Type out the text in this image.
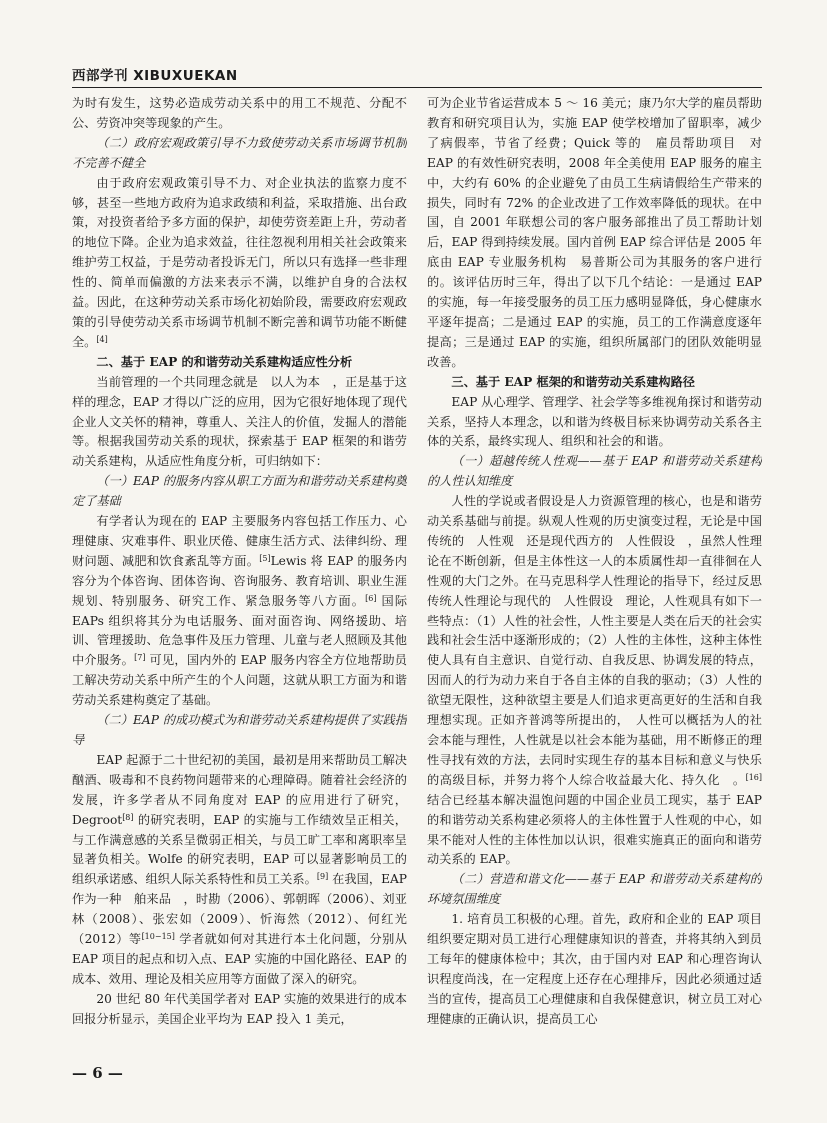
西部学刊 XIBUXUEKAN

为时有发生，这势必造成劳动关系中的用工不规范、分配不公、劳资冲突等现象的产生。

（二）政府宏观政策引导不力致使劳动关系市场调节机制不完善不健全

由于政府宏观政策引导不力、对企业执法的监察力度不够，甚至一些地方政府为追求政绩和利益，采取措施、出台政策，对投资者给予多方面的保护，却使劳资差距上升，劳动者的地位下降。企业为追求效益，往往忽视利用相关社会政策来维护劳工权益，于是劳动者投诉无门，所以只有选择一些非理性的、简单而偏激的方法来表示不满，以维护自身的合法权益。因此，在这种劳动关系市场化初始阶段，需要政府宏观政策的引导使劳动关系市场调节机制不断完善和调节功能不断健全。[4]

二、基于 EAP 的和谐劳动关系建构适应性分析

当前管理的一个共同理念就是　以人为本　，正是基于这样的理念，EAP 才得以广泛的应用，因为它很好地体现了现代企业人文关怀的精神，尊重人、关注人的价值，发掘人的潜能等。根据我国劳动关系的现状，探索基于 EAP 框架的和谐劳动关系建构，从适应性角度分析，可归纳如下：

（一）EAP 的服务内容从职工方面为和谐劳动关系建构奠定了基础

有学者认为现在的 EAP 主要服务内容包括工作压力、心理健康、灾难事件、职业厌倦、健康生活方式、法律纠纷、理财问题、减肥和饮食紊乱等方面。[5]Lewis 将 EAP 的服务内容分为个体咨询、团体咨询、咨询服务、教育培训、职业生涯规划、特别服务、研究工作、紧急服务等八方面。[6] 国际 EAPs 组织将其分为电话服务、面对面咨询、网络援助、培训、管理援助、危急事件及压力管理、儿童与老人照顾及其他中介服务。[7] 可见，国内外的 EAP 服务内容全方位地帮助员工解决劳动关系中所产生的个人问题，这就从职工方面为和谐劳动关系建构奠定了基础。

（二）EAP 的成功模式为和谐劳动关系建构提供了实践指导

EAP 起源于二十世纪初的美国，最初是用来帮助员工解决酗酒、吸毒和不良药物问题带来的心理障碍。随着社会经济的发展，许多学者从不同角度对 EAP 的应用进行了研究，Degroot[8] 的研究表明，EAP 的实施与工作绩效呈正相关，与工作满意感的关系呈微弱正相关，与员工旷工率和离职率呈显著负相关。Wolfe 的研究表明，EAP 可以显著影响员工的组织承诺感、组织人际关系特性和员工关系。[9] 在我国，EAP 作为一种　舶来品　，时勘（2006）、郭朝晖（2006）、刘亚林（2008）、张宏如（2009）、忻海然（2012）、何红光（2012）等[10−15] 学者就如何对其进行本土化问题，分别从 EAP 项目的起点和切入点、EAP 实施的中国化路径、EAP 的成本、效用、理论及相关应用等方面做了深入的研究。

20 世纪 80 年代美国学者对 EAP 实施的效果进行的成本回报分析显示，美国企业平均为 EAP 投入 1 美元，

可为企业节省运营成本 5 ～ 16 美元；康乃尔大学的雇员帮助教育和研究项目认为，实施 EAP 使学校增加了留职率，减少了病假率，节省了经费；Quick 等的　雇员帮助项目　对 EAP 的有效性研究表明，2008 年全美使用 EAP 服务的雇主中，大约有 60% 的企业避免了由员工生病请假给生产带来的损失，同时有 72% 的企业改进了工作效率降低的现状。在中国，自 2001 年联想公司的客户服务部推出了员工帮助计划后，EAP 得到持续发展。国内首例 EAP 综合评估是 2005 年底由 EAP 专业服务机构　易普斯公司为其服务的客户进行的。该评估历时三年，得出了以下几个结论：一是通过 EAP 的实施，每一年接受服务的员工压力感明显降低，身心健康水平逐年提高；二是通过 EAP 的实施，员工的工作满意度逐年提高；三是通过 EAP 的实施，组织所属部门的团队效能明显改善。

三、基于 EAP 框架的和谐劳动关系建构路径

EAP 从心理学、管理学、社会学等多维视角探讨和谐劳动关系，坚持人本理念，以和谐为终极目标来协调劳动关系各主体的关系，最终实现人、组织和社会的和谐。

（一）超越传统人性观——基于 EAP 和谐劳动关系建构的人性认知维度

人性的学说或者假设是人力资源管理的核心，也是和谐劳动关系基础与前提。纵观人性观的历史演变过程，无论是中国传统的　人性观　还是现代西方的　人性假设　，虽然人性理论在不断创新，但是主体性这一人的本质属性却一直徘徊在人性观的大门之外。在马克思科学人性理论的指导下，经过反思传统人性理论与现代的　人性假设　理论，人性观具有如下一些特点：（1）人性的社会性，人性主要是人类在后天的社会实践和社会生活中逐渐形成的；（2）人性的主体性，这种主体性使人具有自主意识、自觉行动、自我反思、协调发展的特点，因而人的行为动力来自于各自主体的自我的驱动；（3）人性的欲望无限性，这种欲望主要是人们追求更高更好的生活和自我理想实现。正如齐普鸿等所提出的，　人性可以概括为人的社会本能与理性，人性就是以社会本能为基础，用不断修正的理性寻找有效的方法，去同时实现生存的基本目标和意义与快乐的高级目标，并努力将个人综合收益最大化、持久化　。[16] 结合已经基本解决温饱问题的中国企业员工现实，基于 EAP 的和谐劳动关系构建必须将人的主体性置于人性观的中心，如果不能对人性的主体性加以认识，很难实施真正的面向和谐劳动关系的 EAP。

（二）营造和谐文化——基于 EAP 和谐劳动关系建构的环境氛围维度

1. 培育员工积极的心理。首先，政府和企业的 EAP 项目组织要定期对员工进行心理健康知识的普查，并将其纳入到员工每年的健康体检中；其次，由于国内对 EAP 和心理咨询认识程度尚浅，在一定程度上还存在心理排斥，因此必须通过适当的宣传，提高员工心理健康和自我保健意识，树立员工对心理健康的正确认识，提高员工心

— 6 —
